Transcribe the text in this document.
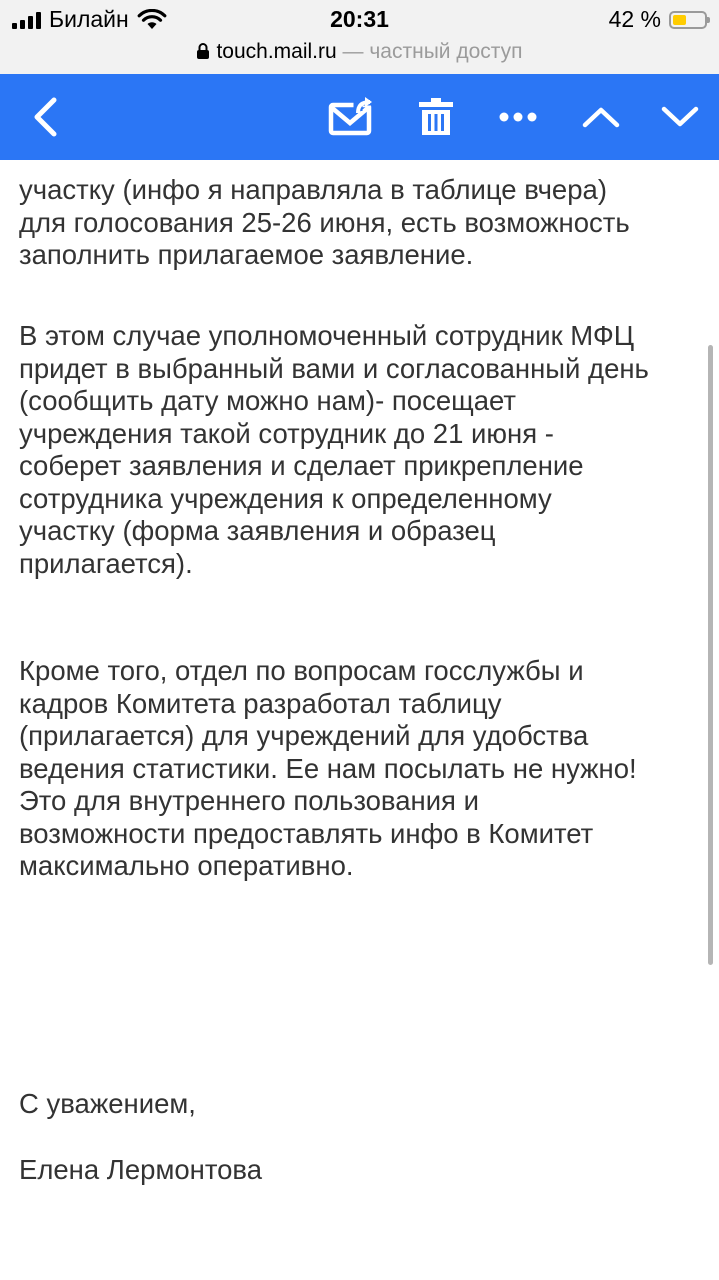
участку (инфо я направляла в таблице вчера)
для голосования 25-26 июня, есть возможность
заполнить прилагаемое заявление.

В этом случае уполномоченный сотрудник МФЦ
придет в выбранный вами и согласованный день
(сообщить дату можно нам)- посещает
учреждения такой сотрудник до 21 июня -
соберет заявления и сделает прикрепление
сотрудника учреждения к определенному
участку (форма заявления и образец
прилагается).

Кроме того, отдел по вопросам госслужбы и
кадров Комитета разработал таблицу
(прилагается) для учреждений для удобства
ведения статистики. Ее нам посылать не нужно!
Это для внутреннего пользования и
возможности предоставлять инфо в Комитет
максимально оперативно.

С уважением,

Елена Лермонтова

Билайн	20:31	42 %
touch.mail.ru — частный доступ
